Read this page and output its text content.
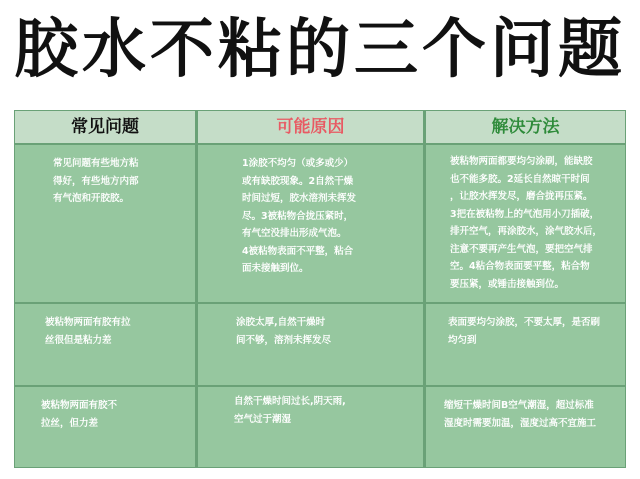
胶水不粘的三个问题
常见问题	可能原因	解决方法
常见问题有些地方粘
得好，有些地方内部
有气泡和开胶胶。
1涂胶不均匀（或多或少）
或有缺胶现象。2自然干燥
时间过短，胶水溶剂未挥发
尽。3被粘物合拢压紧时，
有气空没排出形成气泡。
4被粘物表面不平整，粘合
面未接触到位。
被粘物两面都要均匀涂刷，能缺胶
也不能多胶。2延长自然晾干时间
，让胶水挥发尽，磨合拢再压紧。
3把在被粘物上的气泡用小刀插破，
排开空气，再涂胶水，涂气胶水后，
注意不要再产生气泡，要把空气排
空。4粘合物表面要平整，粘合物
要压紧，或锤击接触到位。
被粘物两面有胶有拉
丝很但是粘力差
涂胶太厚,自然干燥时
间不够，溶剂未挥发尽
表面要均匀涂胶，不要太厚，是否刷
均匀到
被粘物两面有胶不
拉丝，但力差
自然干燥时间过长,阴天雨,
空气过于潮湿
缩短干燥时间B空气潮湿，超过标准
湿度时需要加温，湿度过高不宜施工
